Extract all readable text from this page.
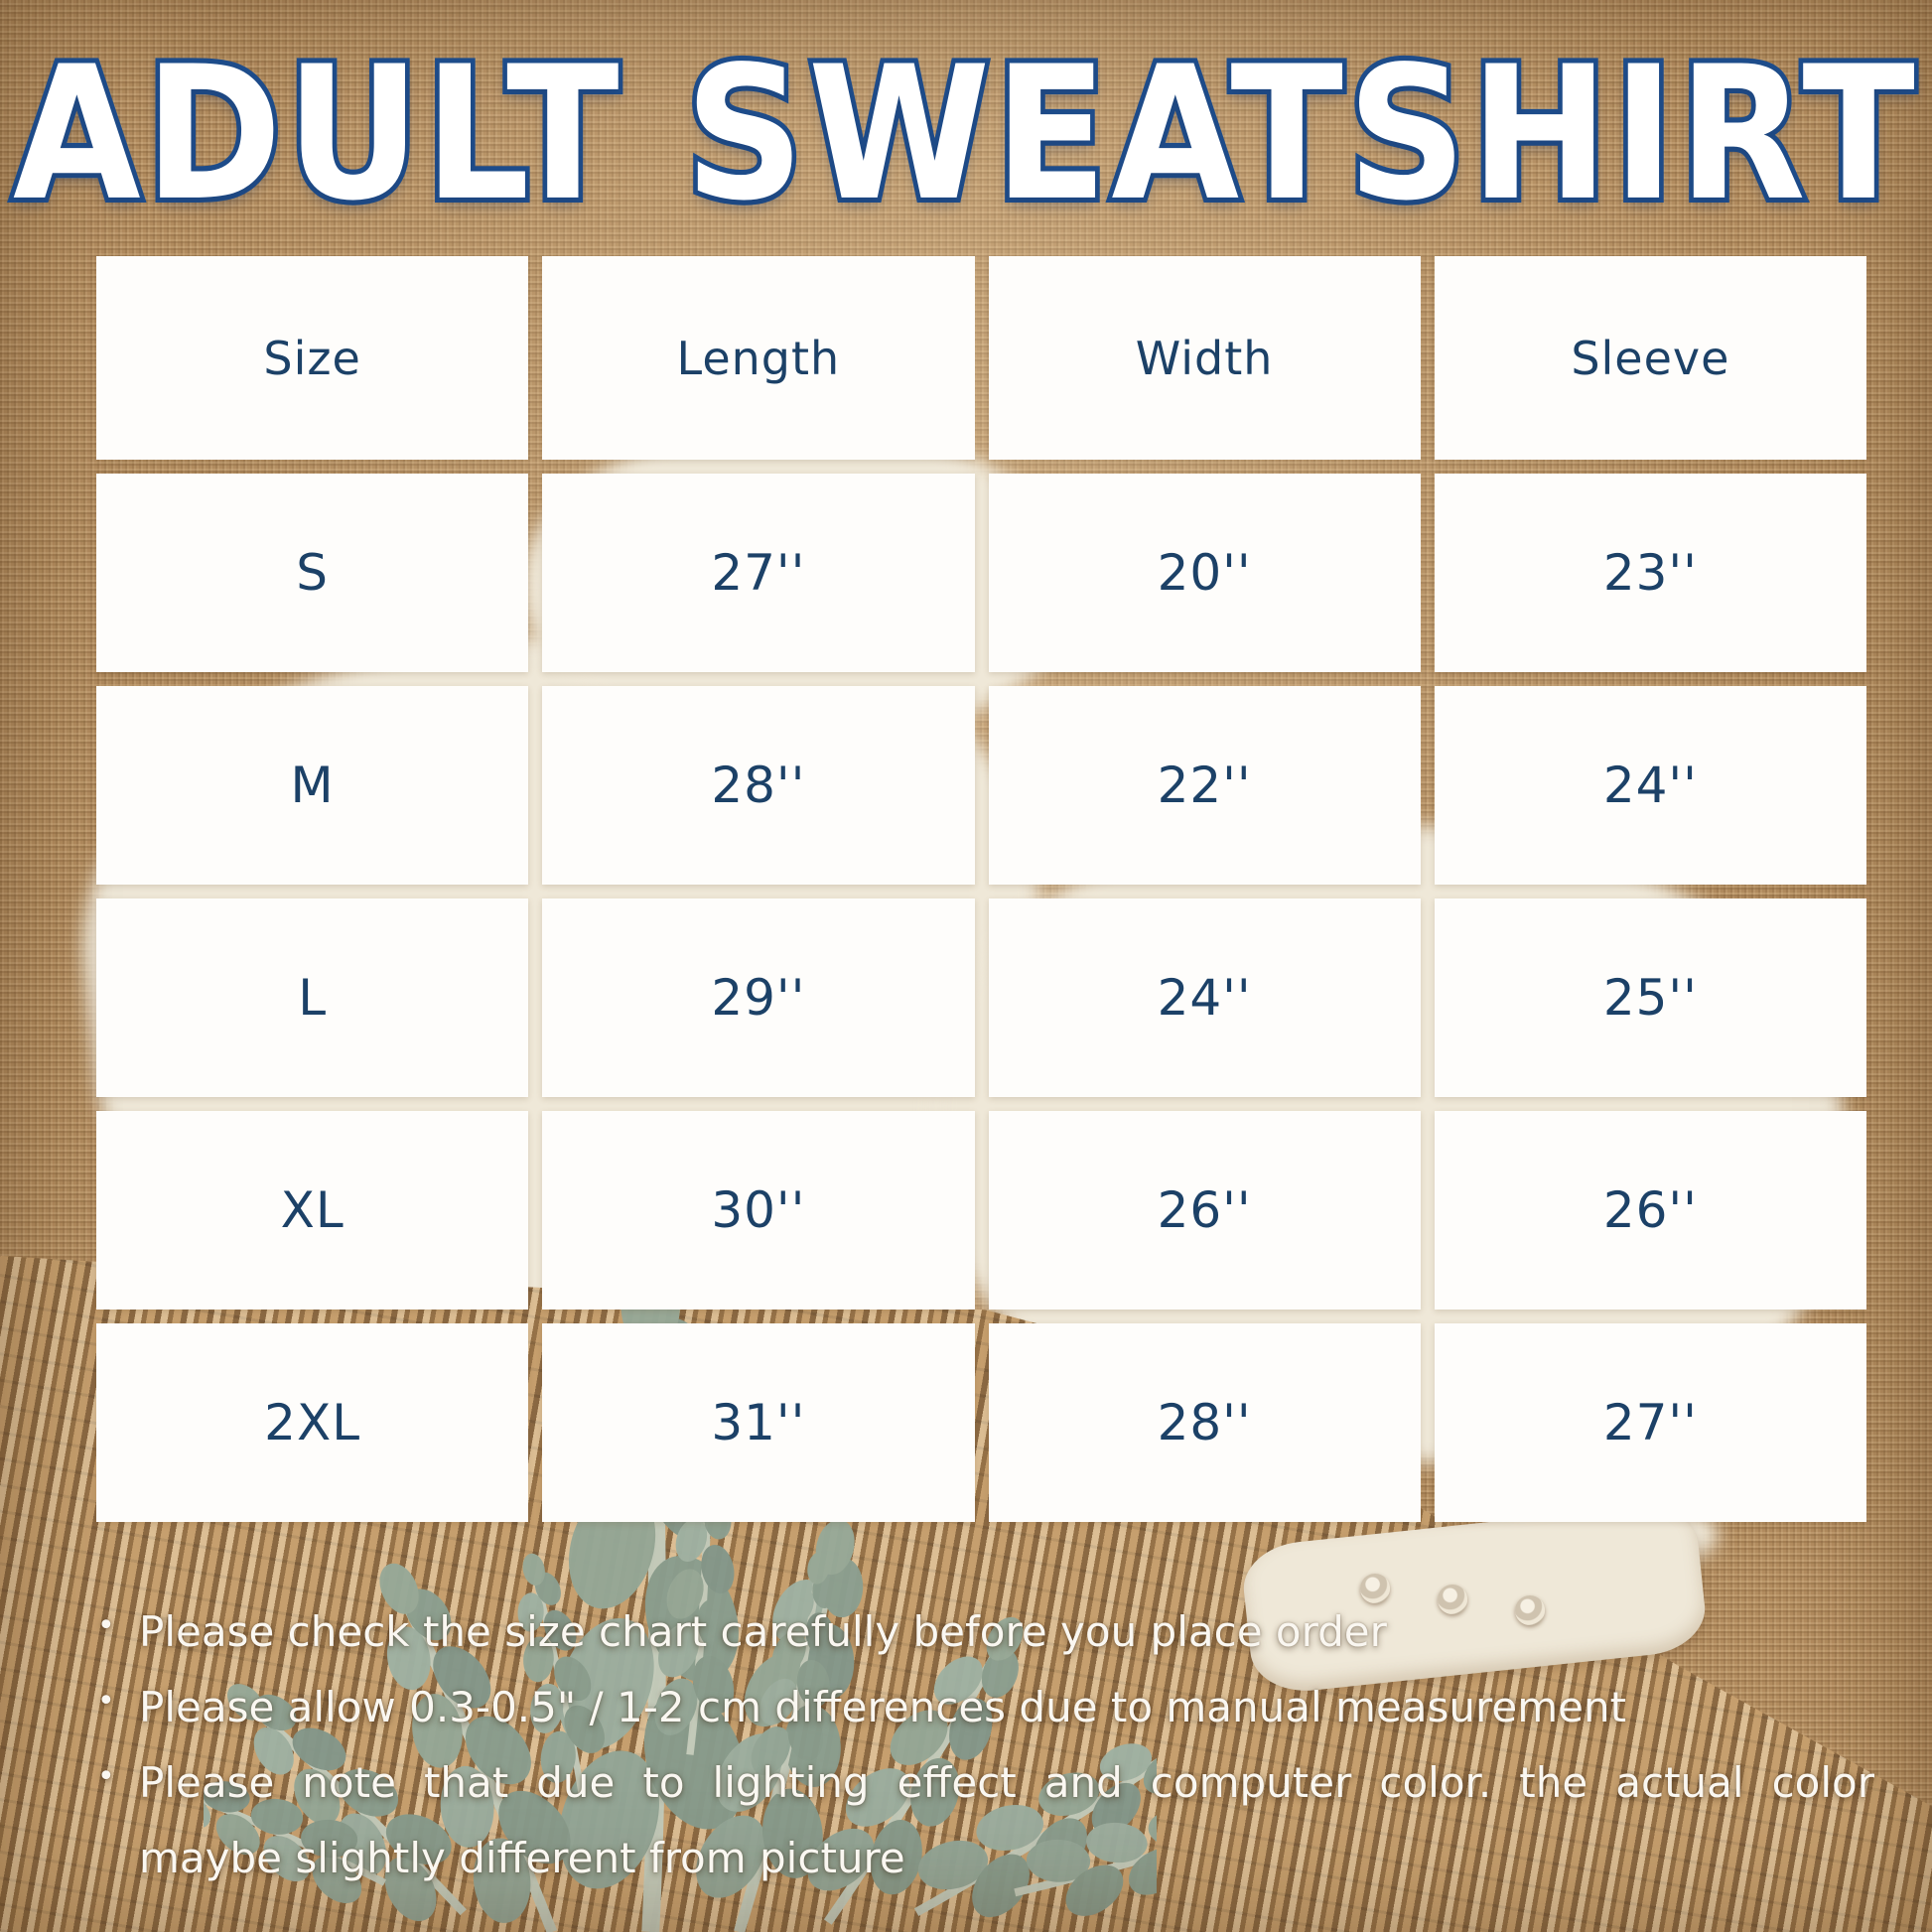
ADULT SWEATSHIRT
Size	Length	Width	Sleeve
S	27''	20''	23''
M	28''	22''	24''
L	29''	24''	25''
XL	30''	26''	26''
2XL	31''	28''	27''
• Please check the size chart carefully before you place order
• Please allow 0.3-0.5" / 1-2 cm differences due to manual measurement
• Please note that due to lighting effect and computer color. the actual color
maybe slightly different from picture
